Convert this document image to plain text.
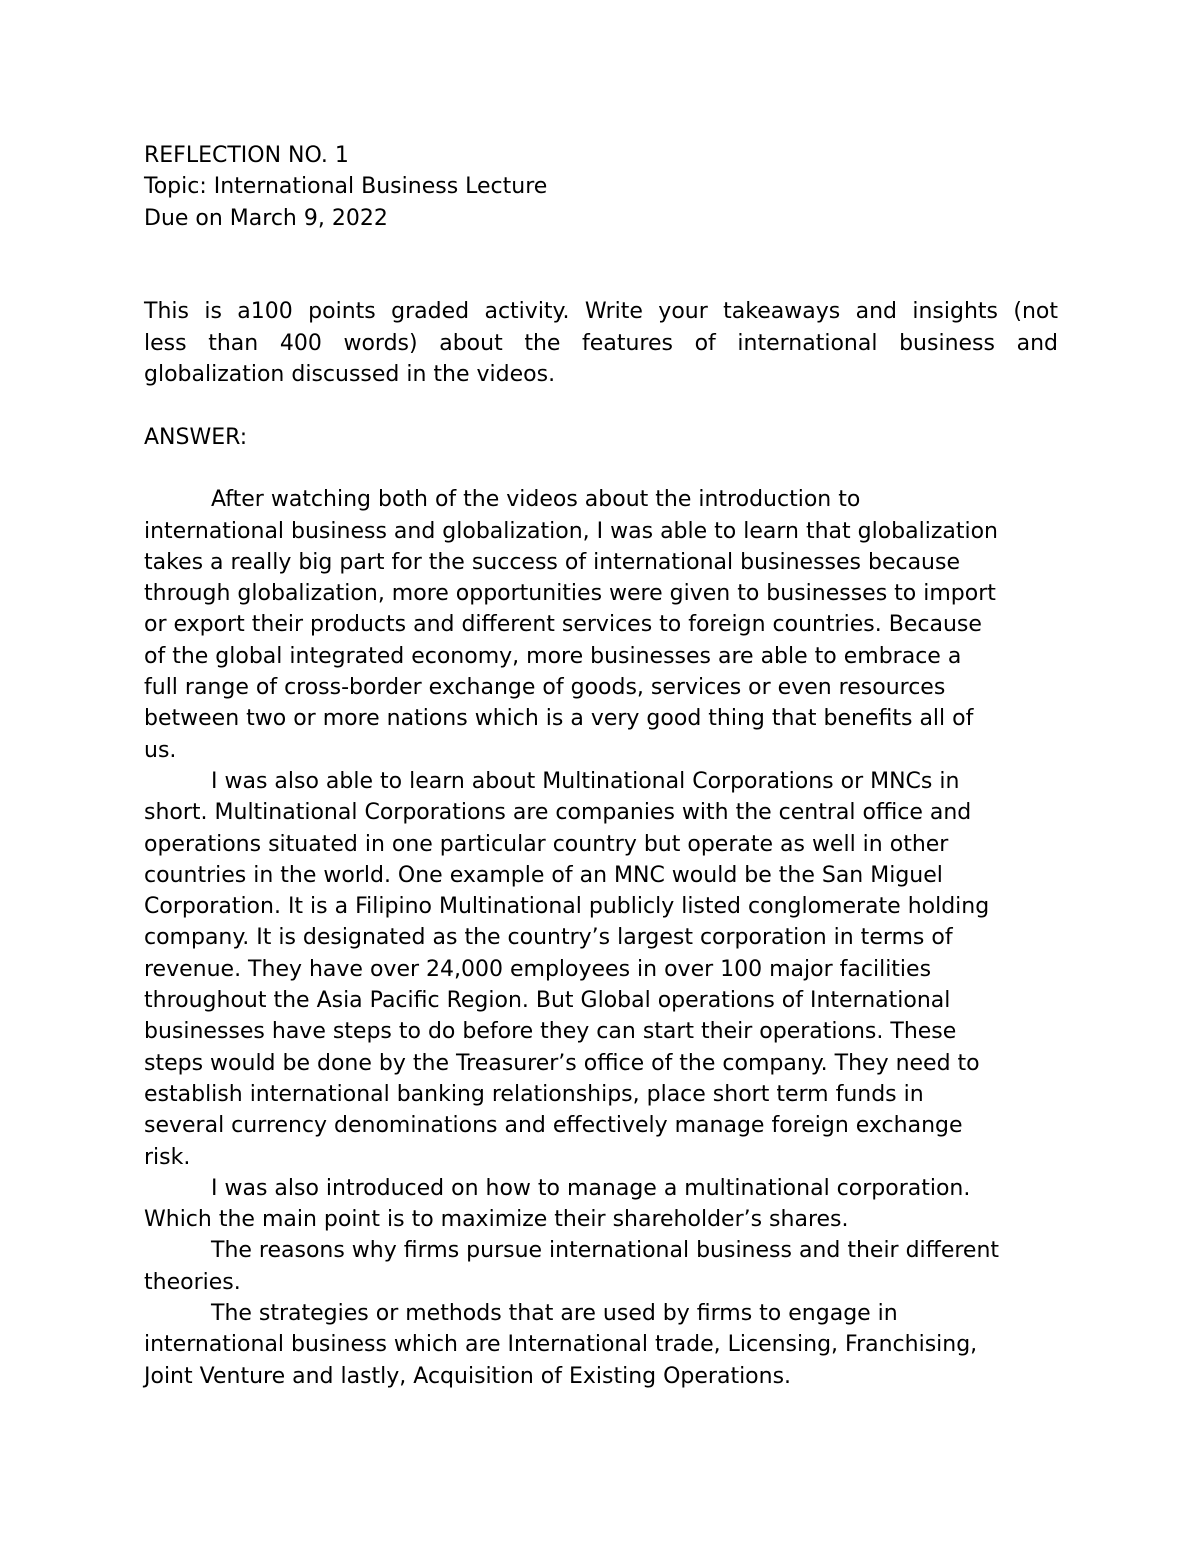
REFLECTION NO. 1
Topic: International Business Lecture
Due on March 9, 2022
This is a100 points graded activity. Write your takeaways and insights (not
less than 400 words) about the features of international business and
globalization discussed in the videos.
ANSWER:
After watching both of the videos about the introduction to
international business and globalization, I was able to learn that globalization
takes a really big part for the success of international businesses because
through globalization, more opportunities were given to businesses to import
or export their products and different services to foreign countries. Because
of the global integrated economy, more businesses are able to embrace a
full range of cross-border exchange of goods, services or even resources
between two or more nations which is a very good thing that benefits all of
us.
I was also able to learn about Multinational Corporations or MNCs in
short. Multinational Corporations are companies with the central office and
operations situated in one particular country but operate as well in other
countries in the world. One example of an MNC would be the San Miguel
Corporation. It is a Filipino Multinational publicly listed conglomerate holding
company. It is designated as the country’s largest corporation in terms of
revenue. They have over 24,000 employees in over 100 major facilities
throughout the Asia Pacific Region. But Global operations of International
businesses have steps to do before they can start their operations. These
steps would be done by the Treasurer’s office of the company. They need to
establish international banking relationships, place short term funds in
several currency denominations and effectively manage foreign exchange
risk.
I was also introduced on how to manage a multinational corporation.
Which the main point is to maximize their shareholder’s shares.
The reasons why firms pursue international business and their different
theories.
The strategies or methods that are used by firms to engage in
international business which are International trade, Licensing, Franchising,
Joint Venture and lastly, Acquisition of Existing Operations.
